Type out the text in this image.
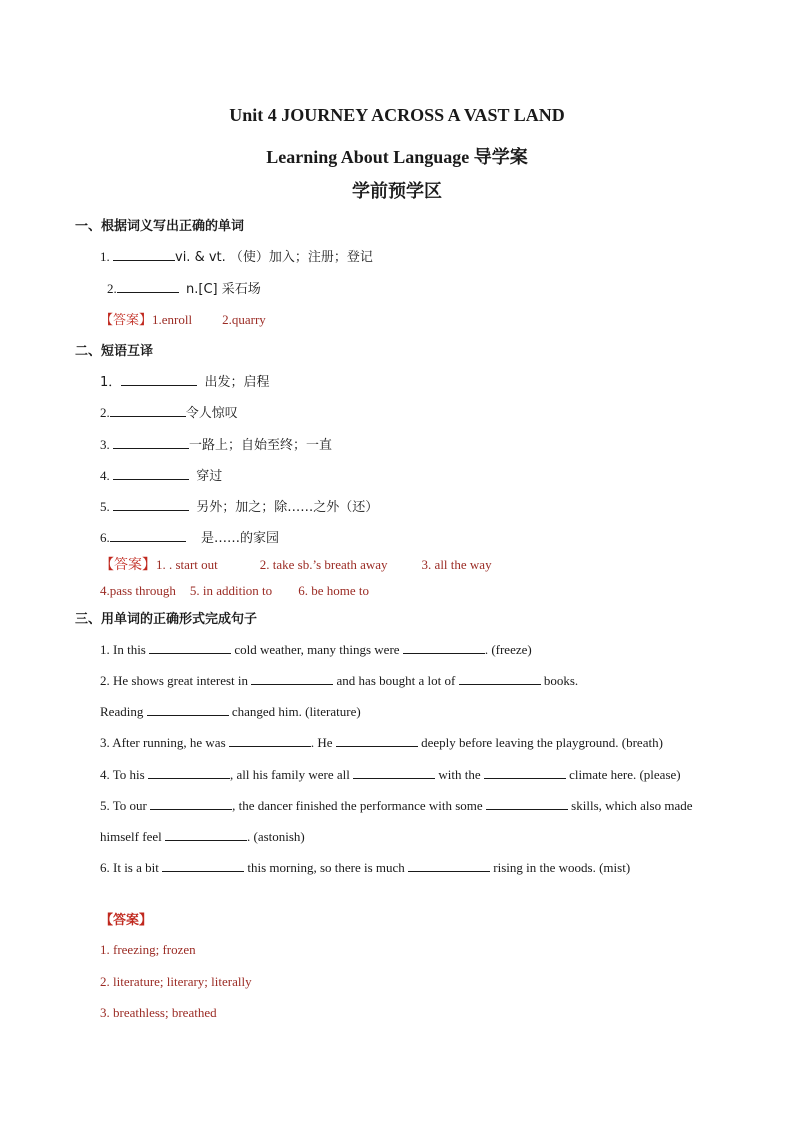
Unit 4 JOURNEY ACROSS A VAST LAND
Learning About Language 导学案
学前预学区
一、根据词义写出正确的单词
1.	vi. & vt. （使）加入；注册；登记
2.	n.[C] 采石场
【答案】1.enroll 2.quarry
二、短语互译
1．	出发；启程
2.	令人惊叹
3.	一路上；自始至终；一直
4.	穿过
5.	另外；加之；除……之外（还）
6.	是……的家园
【答案】1. . start out	2. take sb.’s breath away	3. all the way
4.pass through 5. in addition to 6. be home to
三、用单词的正确形式完成句子
1. In this	cold weather, many things were	. (freeze)
2. He shows great interest in	and has bought a lot of	books.
Reading	changed him. (literature)
3. After running, he was	. He	deeply before leaving the playground. (breath)
4. To his	, all his family were all	with the	climate here. (please)
5. To our	, the dancer finished the performance with some	skills, which also made
himself feel	. (astonish)
6. It is a bit	this morning, so there is much	rising in the woods. (mist)
【答案】
1. freezing; frozen
2. literature; literary; literally
3. breathless; breathed
